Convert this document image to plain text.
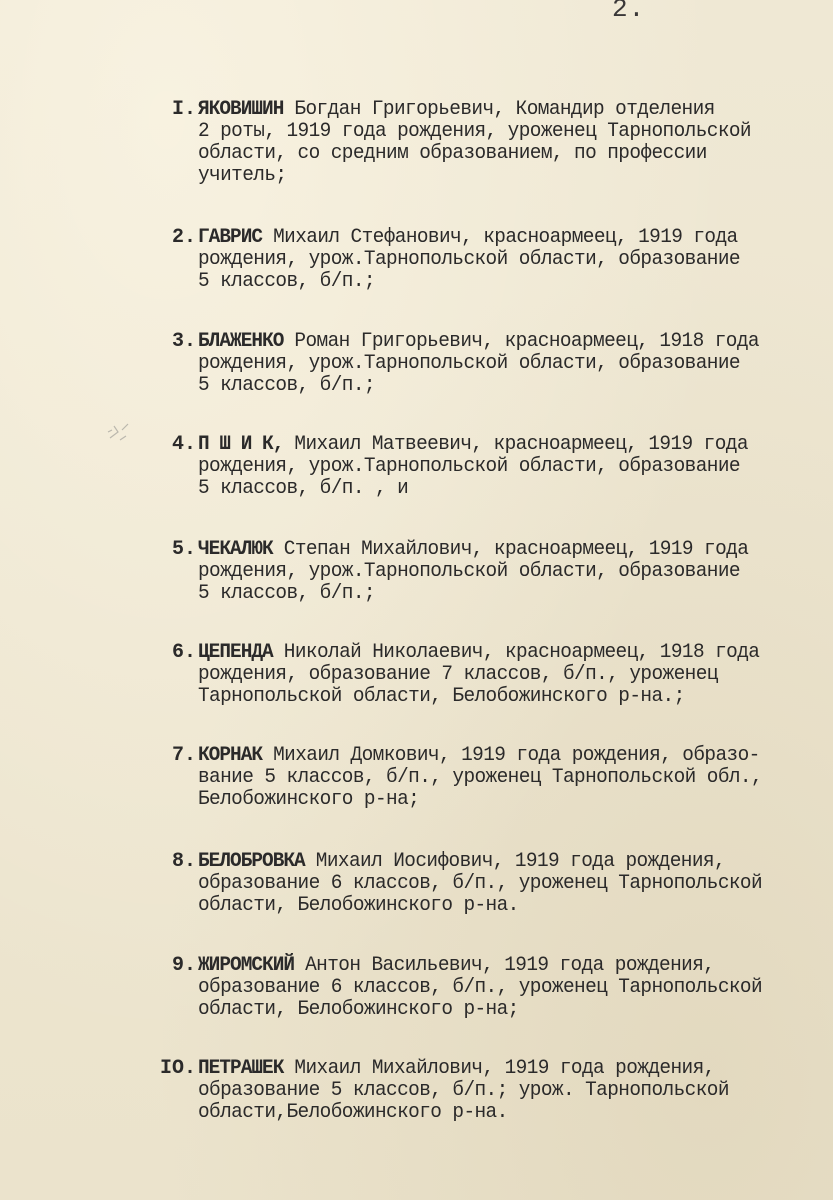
2.
I. ЯКОВИШИН Богдан Григорьевич, Командир отделения
2 роты, 1919 года рождения, уроженец Тарнопольской
области, со средним образованием, по профессии
учитель;
2. ГАВРИС Михаил Стефанович, красноармеец, 1919 года
рождения, урож.Тарнопольской области, образование
5 классов, б/п.;
3. БЛАЖЕНКО Роман Григорьевич, красноармеец, 1918 года
рождения, урож.Тарнопольской области, образование
5 классов, б/п.;
4. П Ш И К, Михаил Матвеевич, красноармеец, 1919 года
рождения, урож.Тарнопольской области, образование
5 классов, б/п. , и
5. ЧЕКАЛЮК Степан Михайлович, красноармеец, 1919 года
рождения, урож.Тарнопольской области, образование
5 классов, б/п.;
6. ЦЕПЕНДА Николай Николаевич, красноармеец, 1918 года
рождения, образование 7 классов, б/п., уроженец
Тарнопольской области, Белобожинского р-на.;
7. КОРНАК Михаил Домкович, 1919 года рождения, образо-
вание 5 классов, б/п., уроженец Тарнопольской обл.,
Белобожинского р-на;
8. БЕЛОБРОВКА Михаил Иосифович, 1919 года рождения,
образование 6 классов, б/п., уроженец Тарнопольской
области, Белобожинского р-на.
9. ЖИРОМСКИЙ Антон Васильевич, 1919 года рождения,
образование 6 классов, б/п., уроженец Тарнопольской
области, Белобожинского р-на;
IO. ПЕТРАШЕК Михаил Михайлович, 1919 года рождения,
образование 5 классов, б/п.; урож. Тарнопольской
области,Белобожинского р-на.
